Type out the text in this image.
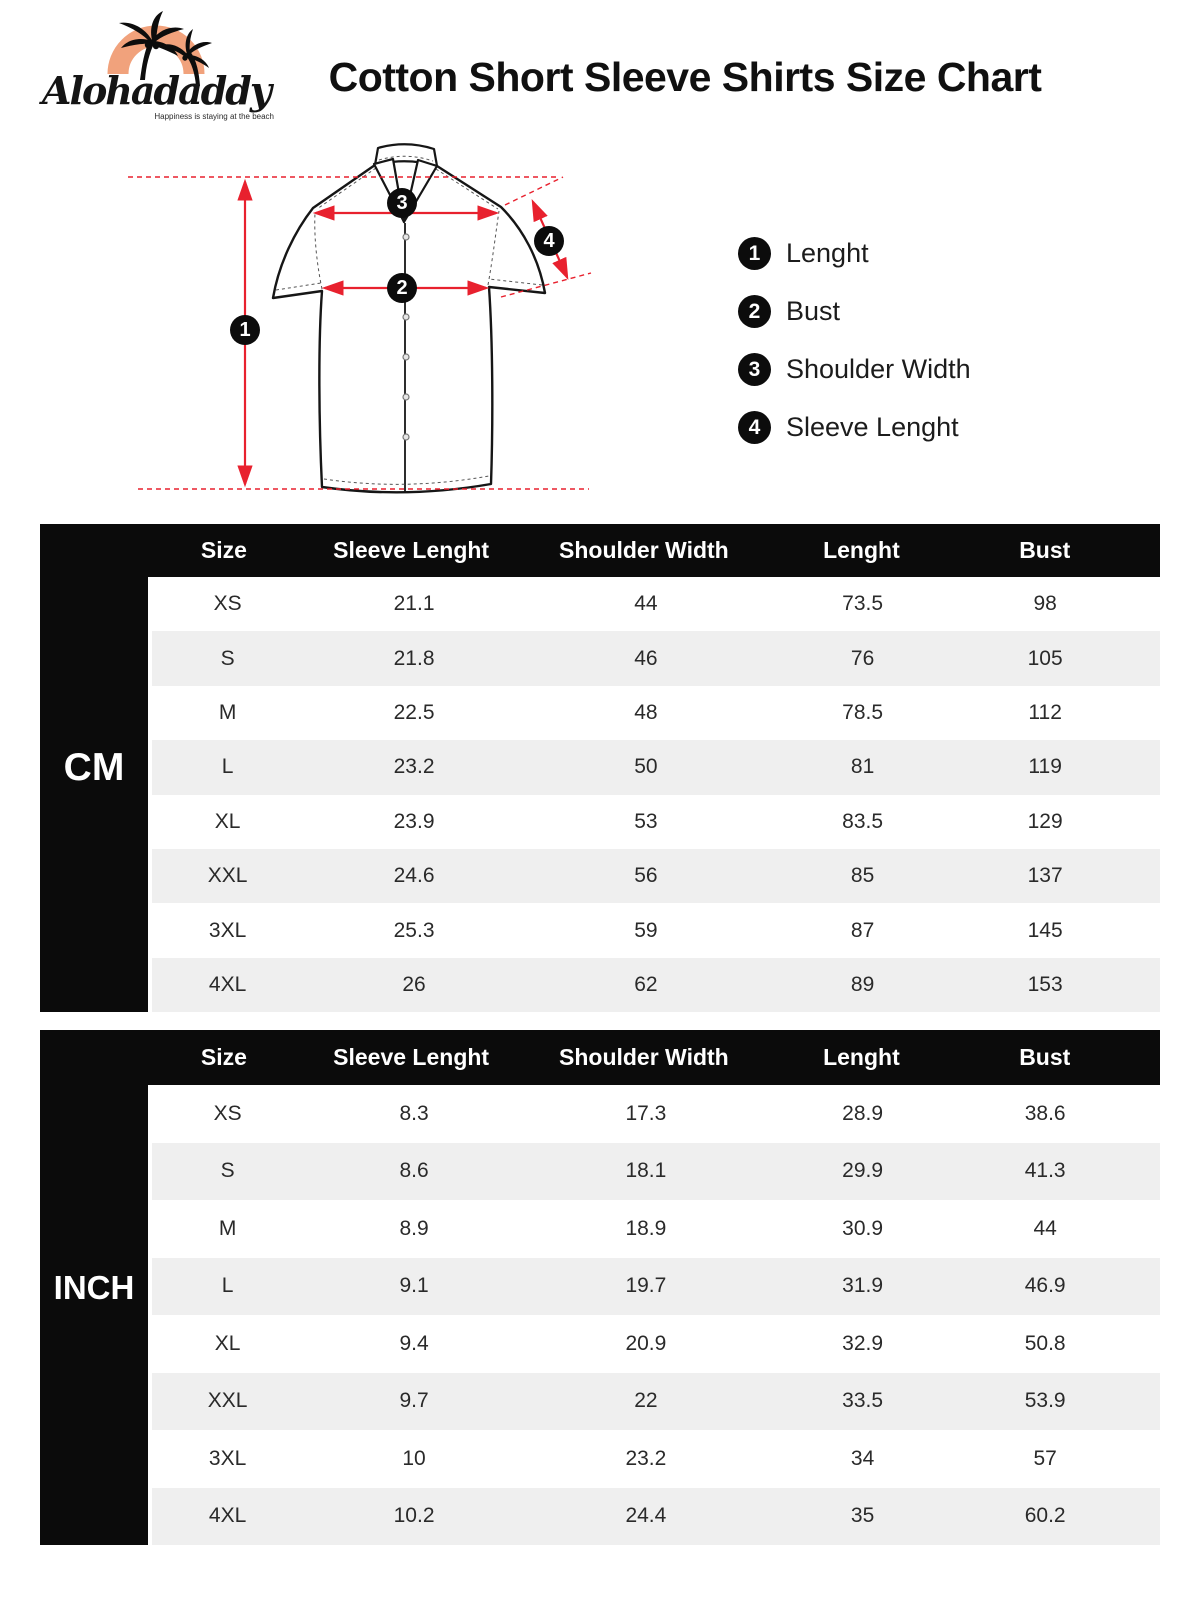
Alohadaddy
Happiness is staying at the beach
Cotton Short Sleeve Shirts Size Chart
1
2
3
4
1 Lenght
2 Bust
3 Shoulder Width
4 Sleeve Lenght
CM
Size	Sleeve Lenght	Shoulder Width	Lenght	Bust
XS	21.1	44	73.5	98
S	21.8	46	76	105
M	22.5	48	78.5	112
L	23.2	50	81	119
XL	23.9	53	83.5	129
XXL	24.6	56	85	137
3XL	25.3	59	87	145
4XL	26	62	89	153
INCH
Size	Sleeve Lenght	Shoulder Width	Lenght	Bust
XS	8.3	17.3	28.9	38.6
S	8.6	18.1	29.9	41.3
M	8.9	18.9	30.9	44
L	9.1	19.7	31.9	46.9
XL	9.4	20.9	32.9	50.8
XXL	9.7	22	33.5	53.9
3XL	10	23.2	34	57
4XL	10.2	24.4	35	60.2
